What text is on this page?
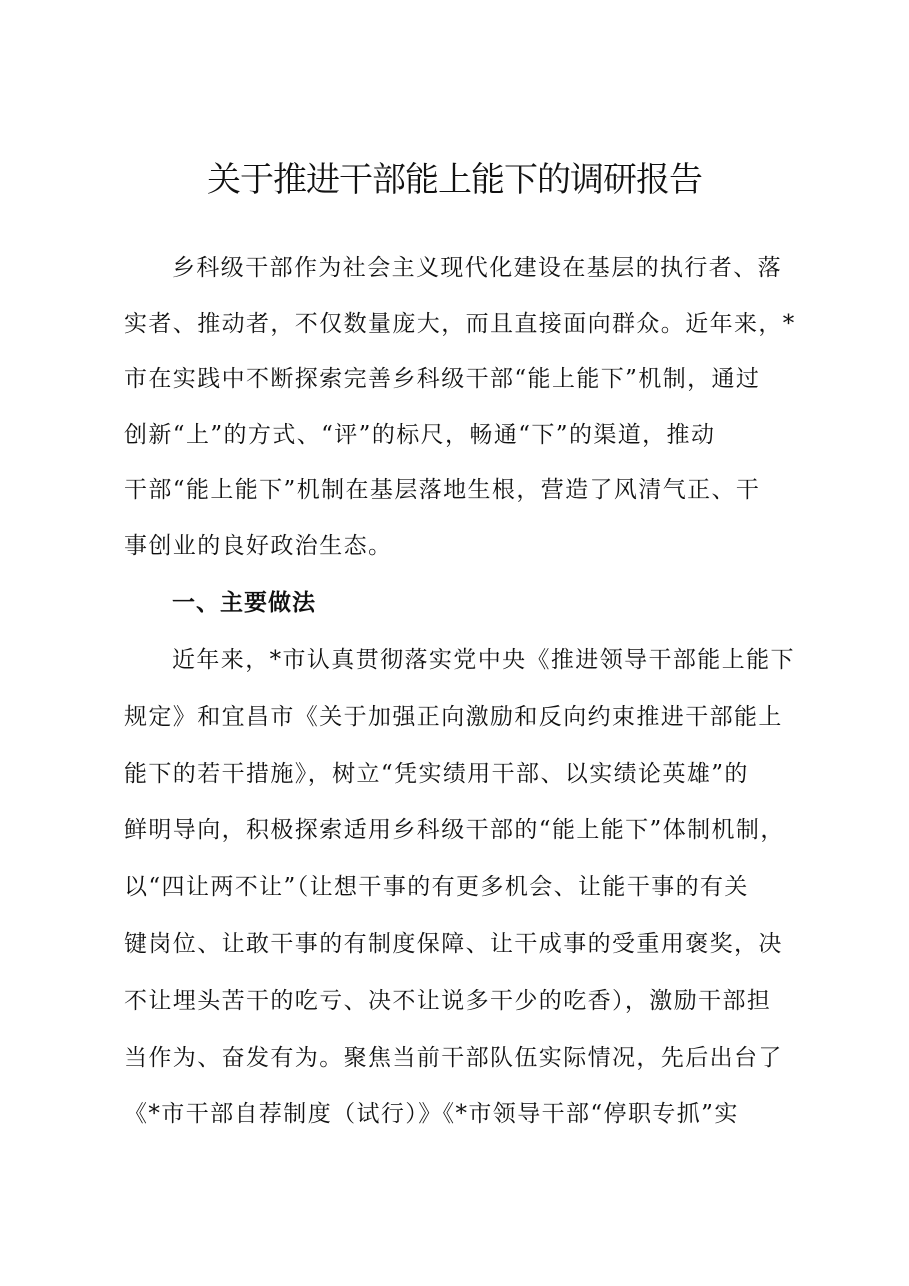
关于推进干部能上能下的调研报告
乡科级干部作为社会主义现代化建设在基层的执行者、落
实者、推动者，不仅数量庞大，而且直接面向群众。近年来，*
市在实践中不断探索完善乡科级干部“能上能下”机制，通过
创新“上”的方式、“评”的标尺，畅通“下”的渠道，推动
干部“能上能下”机制在基层落地生根，营造了风清气正、干
事创业的良好政治生态。
一、主要做法
近年来，*市认真贯彻落实党中央《推进领导干部能上能下
规定》和宜昌市《关于加强正向激励和反向约束推进干部能上
能下的若干措施》，树立“凭实绩用干部、以实绩论英雄”的
鲜明导向，积极探索适用乡科级干部的“能上能下”体制机制，
以“四让两不让”（让想干事的有更多机会、让能干事的有关
键岗位、让敢干事的有制度保障、让干成事的受重用褒奖，决
不让埋头苦干的吃亏、决不让说多干少的吃香），激励干部担
当作为、奋发有为。聚焦当前干部队伍实际情况，先后出台了
《*市干部自荐制度（试行）》《*市领导干部“停职专抓”实
